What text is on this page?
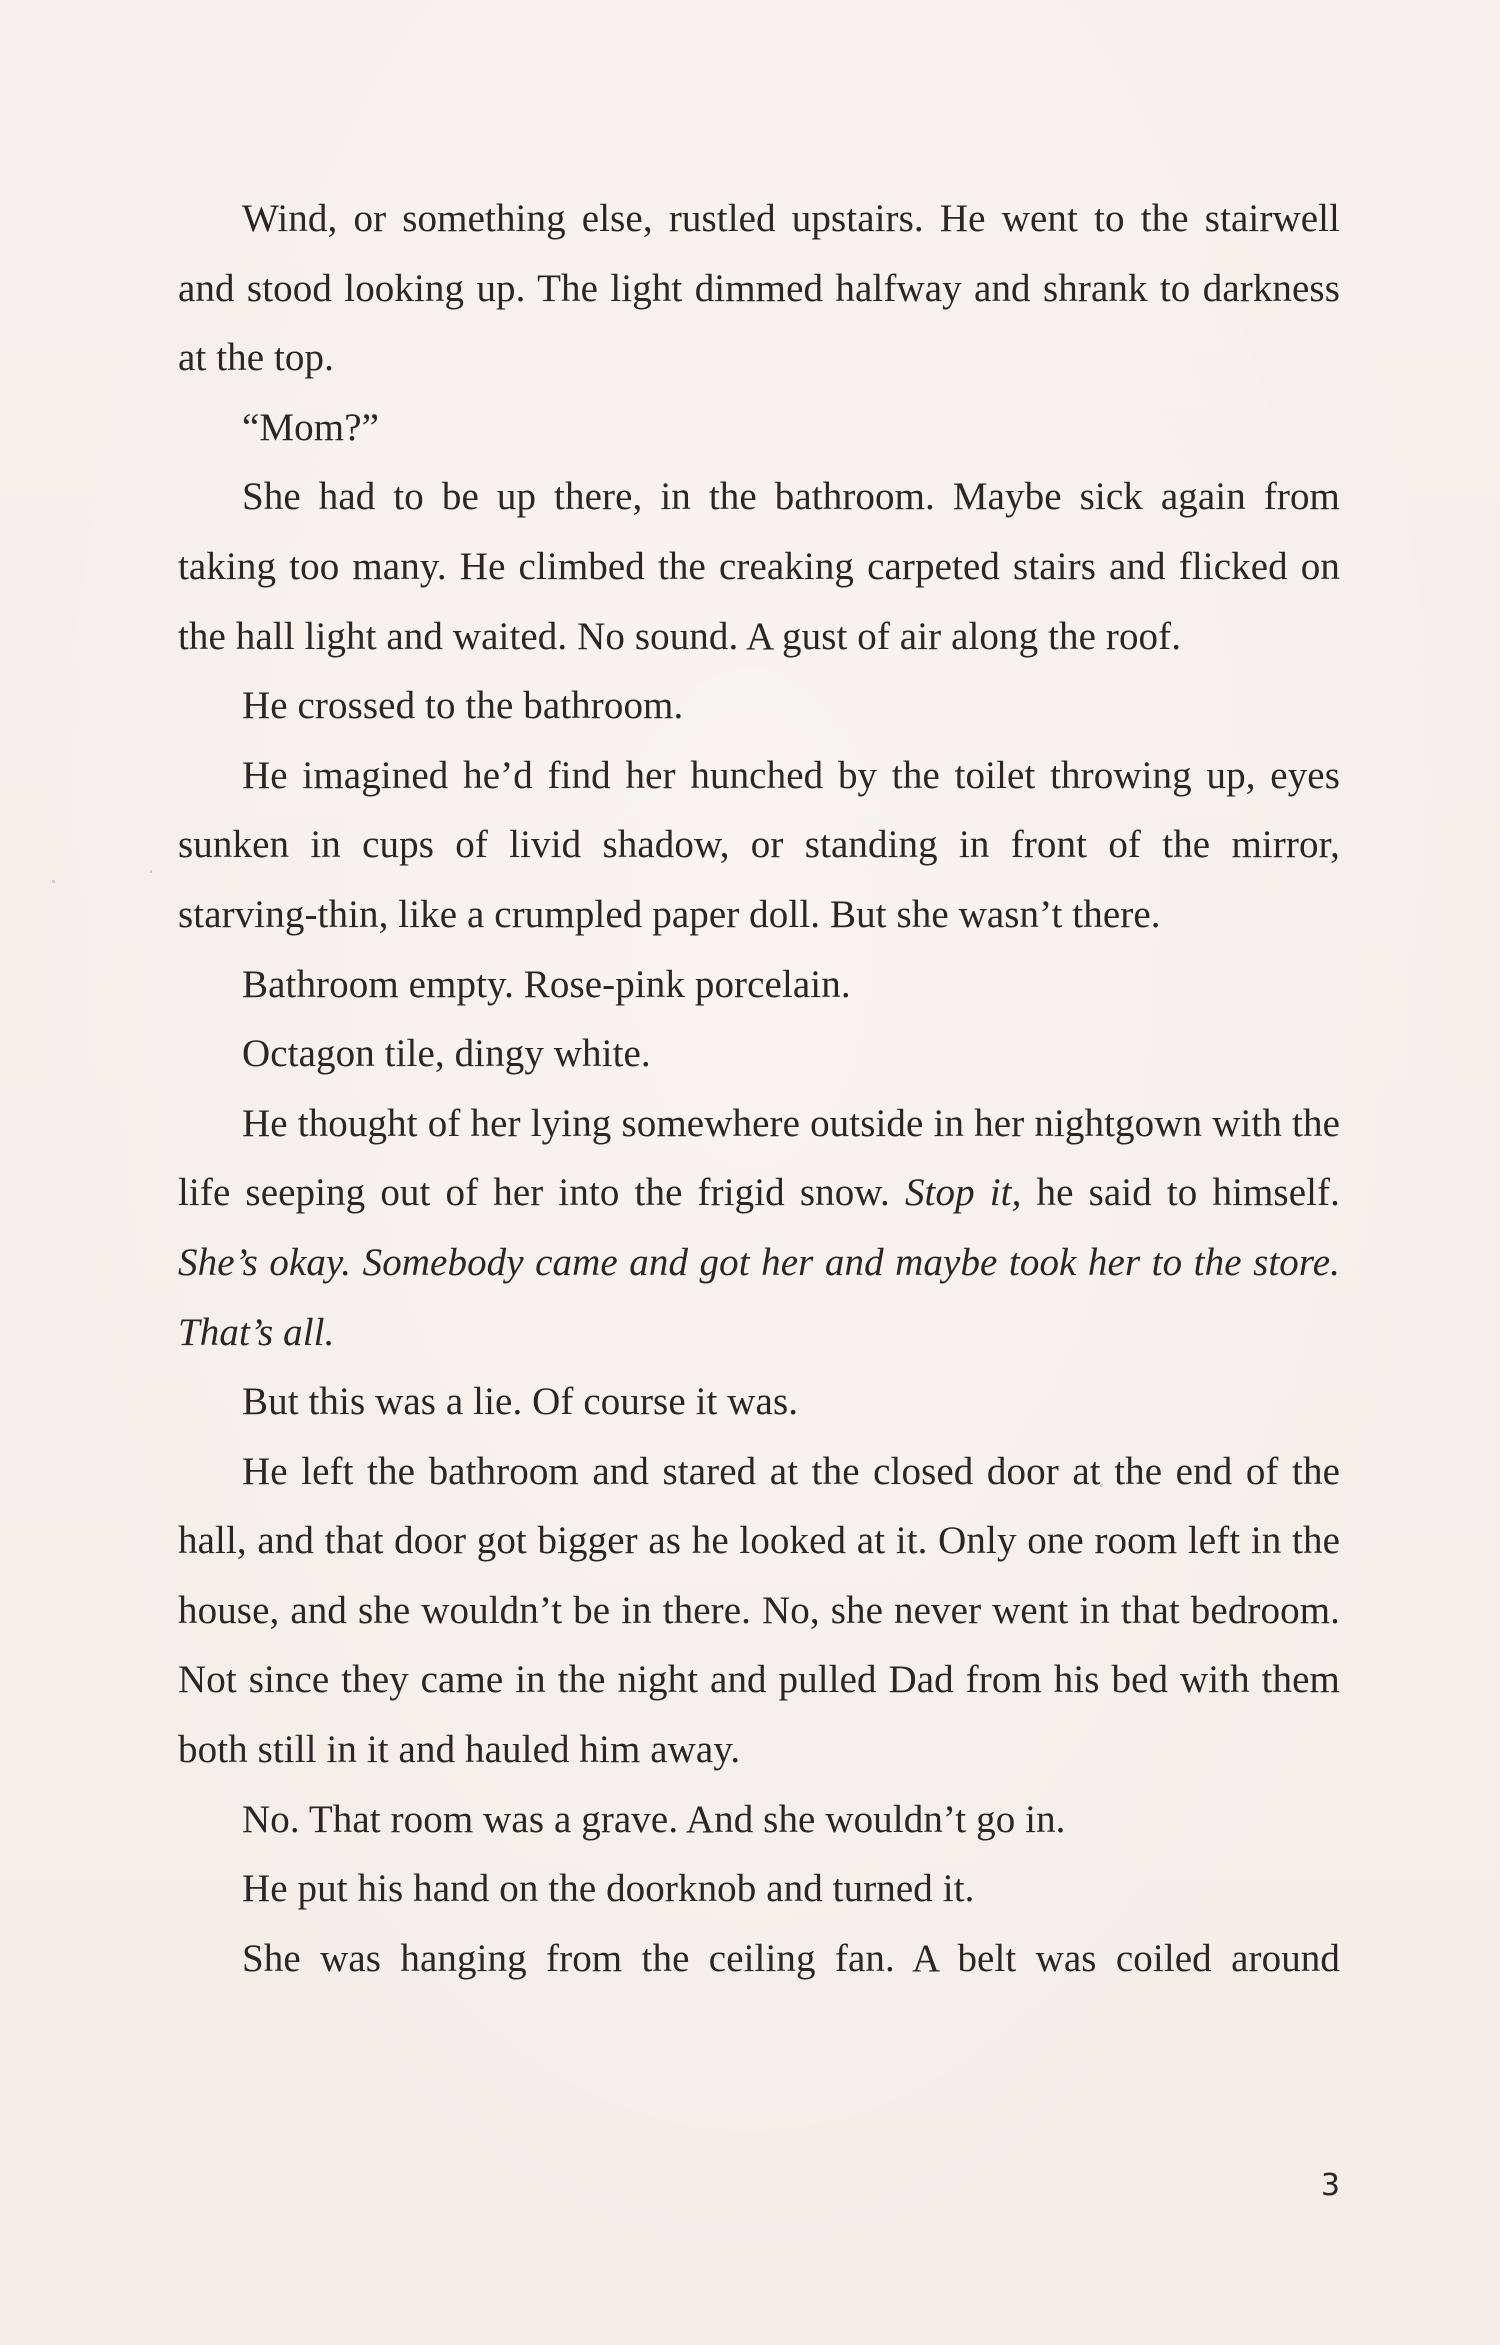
Wind, or something else, rustled upstairs. He went to the stairwell and stood looking up. The light dimmed halfway and shrank to darkness at the top.

“Mom?”

She had to be up there, in the bathroom. Maybe sick again from taking too many. He climbed the creaking carpeted stairs and flicked on the hall light and waited. No sound. A gust of air along the roof.

He crossed to the bathroom.

He imagined he’d find her hunched by the toilet throwing up, eyes sunken in cups of livid shadow, or standing in front of the mirror, starving-thin, like a crumpled paper doll. But she wasn’t there.

Bathroom empty. Rose-pink porcelain.

Octagon tile, dingy white.

He thought of her lying somewhere outside in her nightgown with the life seeping out of her into the frigid snow. Stop it, he said to himself. She’s okay. Somebody came and got her and maybe took her to the store. That’s all.

But this was a lie. Of course it was.

He left the bathroom and stared at the closed door at the end of the hall, and that door got bigger as he looked at it. Only one room left in the house, and she wouldn’t be in there. No, she never went in that bedroom. Not since they came in the night and pulled Dad from his bed with them both still in it and hauled him away.

No. That room was a grave. And she wouldn’t go in.

He put his hand on the doorknob and turned it.

She was hanging from the ceiling fan. A belt was coiled around

3
